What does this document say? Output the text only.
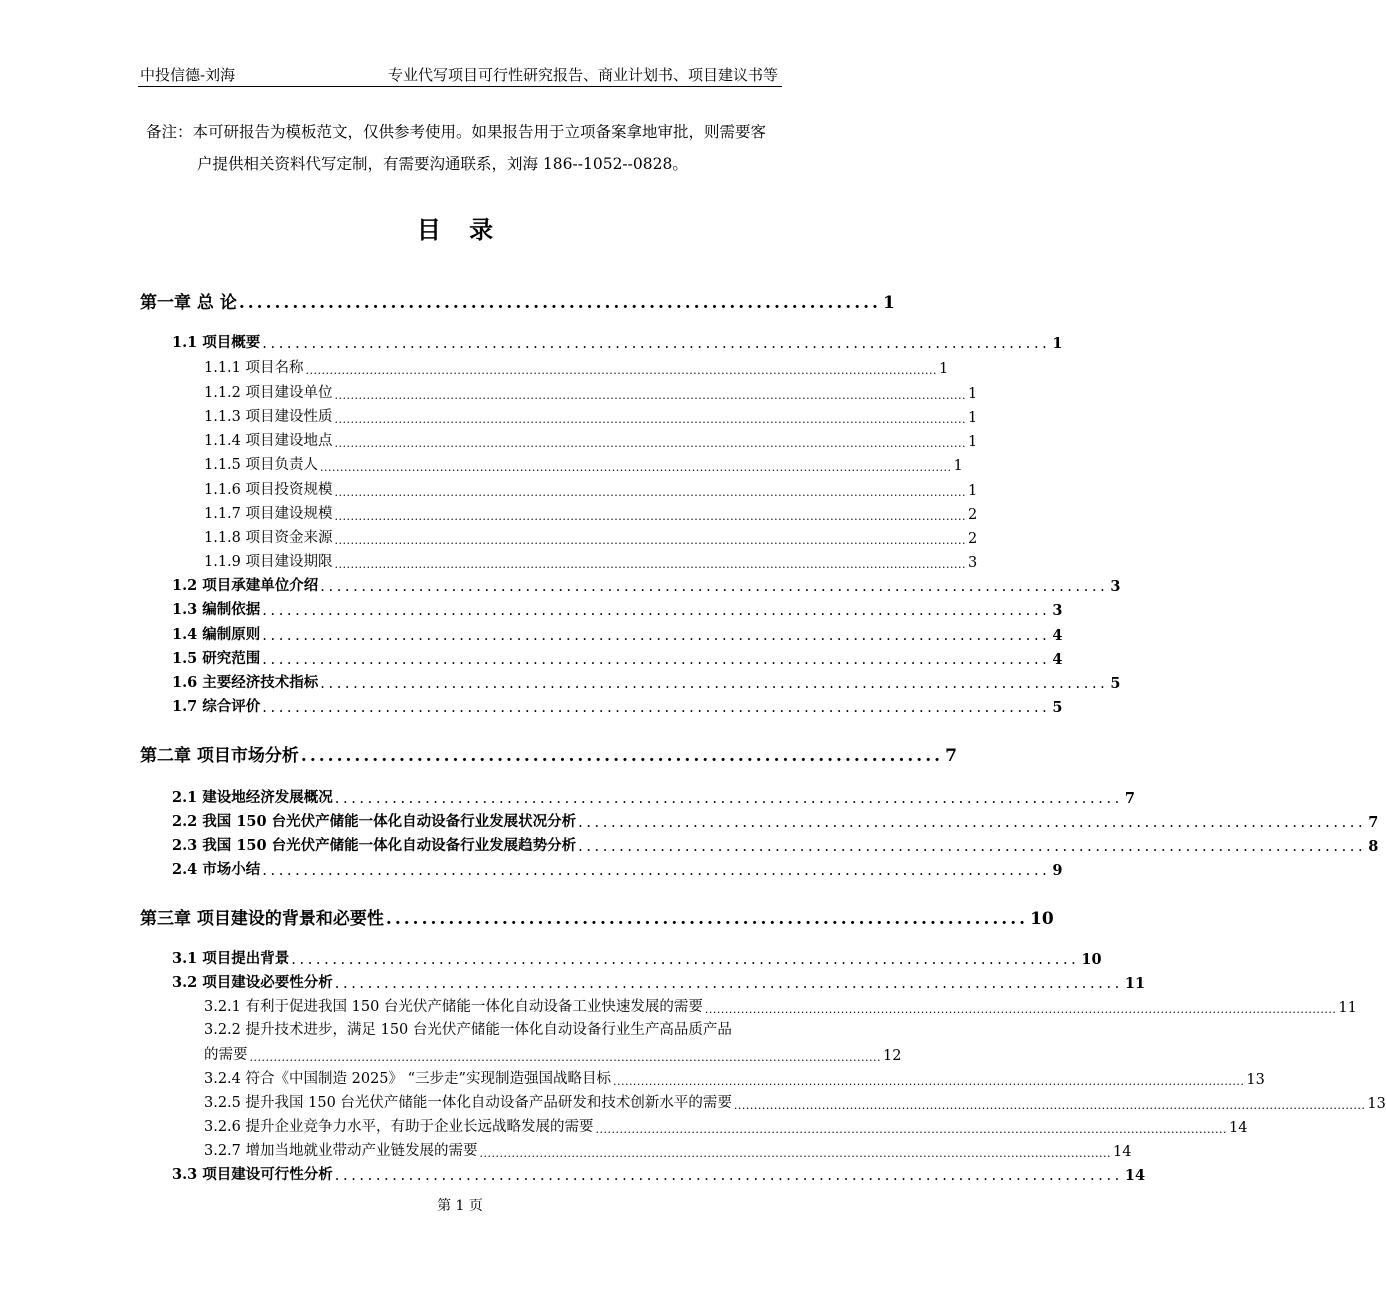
中投信德-刘海	专业代写项目可行性研究报告、商业计划书、项目建议书等
备注：本可研报告为模板范文，仅供参考使用。如果报告用于立项备案拿地审批，则需要客
户提供相关资料代写定制，有需要沟通联系，刘海 186--1052--0828。
目 录
第一章 总 论 ........................................................................ 1
1.1 项目概要 ................................................................................................ 1
1.1.1 项目名称 .............................................................................................................................................................. 1
1.1.2 项目建设单位 .............................................................................................................................................................. 1
1.1.3 项目建设性质 .............................................................................................................................................................. 1
1.1.4 项目建设地点 .............................................................................................................................................................. 1
1.1.5 项目负责人 .............................................................................................................................................................. 1
1.1.6 项目投资规模 .............................................................................................................................................................. 1
1.1.7 项目建设规模 .............................................................................................................................................................. 2
1.1.8 项目资金来源 .............................................................................................................................................................. 2
1.1.9 项目建设期限 .............................................................................................................................................................. 3
1.2 项目承建单位介绍 ................................................................................................ 3
1.3 编制依据 ................................................................................................ 3
1.4 编制原则 ................................................................................................ 4
1.5 研究范围 ................................................................................................ 4
1.6 主要经济技术指标 ................................................................................................ 5
1.7 综合评价 ................................................................................................ 5
第二章 项目市场分析 ........................................................................ 7
2.1 建设地经济发展概况 ................................................................................................ 7
2.2 我国 150 台光伏产储能一体化自动设备行业发展状况分析 ................................................................................................ 7
2.3 我国 150 台光伏产储能一体化自动设备行业发展趋势分析 ................................................................................................ 8
2.4 市场小结 ................................................................................................ 9
第三章 项目建设的背景和必要性 ........................................................................ 10
3.1 项目提出背景 ................................................................................................ 10
3.2 项目建设必要性分析 ................................................................................................ 11
3.2.1 有利于促进我国 150 台光伏产储能一体化自动设备工业快速发展的需要 .............................................................................................................................................................. 11
3.2.2 提升技术进步，满足 150 台光伏产储能一体化自动设备行业生产高品质产品
的需要 .............................................................................................................................................................. 12
3.2.4 符合《中国制造 2025》 “三步走”实现制造强国战略目标 .............................................................................................................................................................. 13
3.2.5 提升我国 150 台光伏产储能一体化自动设备产品研发和技术创新水平的需要 .............................................................................................................................................................. 13
3.2.6 提升企业竞争力水平，有助于企业长远战略发展的需要 .............................................................................................................................................................. 14
3.2.7 增加当地就业带动产业链发展的需要 .............................................................................................................................................................. 14
3.3 项目建设可行性分析 ................................................................................................ 14
第 1 页
